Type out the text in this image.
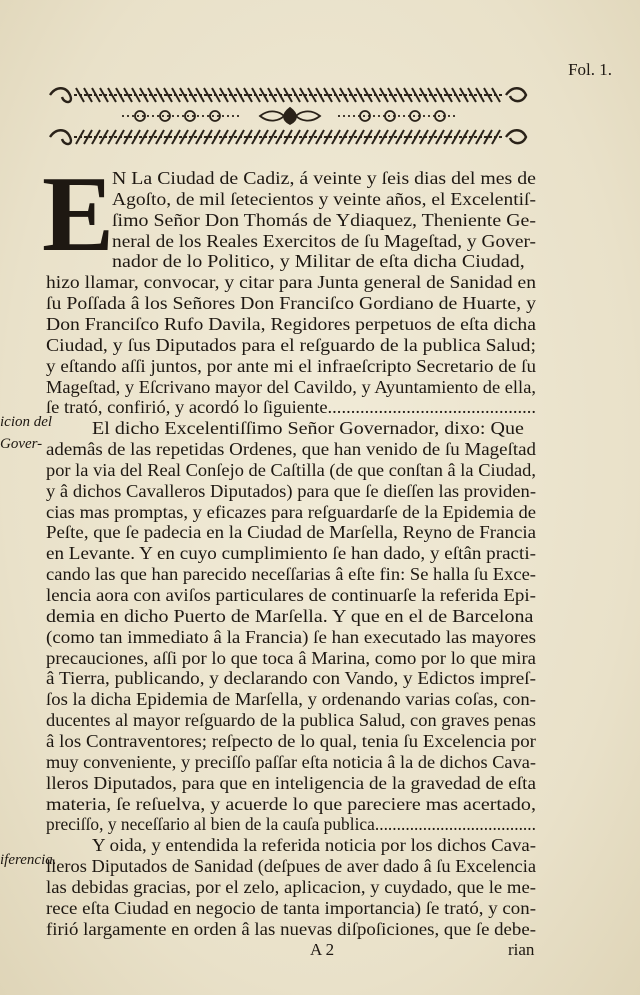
Fol. 1.
E
N La Ciudad de Cadiz, á veinte y ſeis dias del mes de
Agoſto, de mil ſetecientos y veinte años, el Excelentiſ-
ſimo Señor Don Thomás de Ydiaquez, Theniente Ge-
neral de los Reales Exercitos de ſu Mageſtad, y Gover-
nador de lo Politico, y Militar de eſta dicha Ciudad,
hizo llamar, convocar, y citar para Junta general de Sanidad en
ſu Poſſada â los Señores Don Franciſco Gordiano de Huarte, y
Don Franciſco Rufo Davila, Regidores perpetuos de eſta dicha
Ciudad, y ſus Diputados para el reſguardo de la publica Salud;
y eſtando aſſi juntos, por ante mi el infraeſcripto Secretario de ſu
Mageſtad, y Eſcrivano mayor del Cavildo, y Ayuntamiento de ella,
ſe trató, confirió, y acordó lo ſiguiente.............................................
El dicho Excelentiſſimo Señor Governador, dixo: Que
ademâs de las repetidas Ordenes, que han venido de ſu Mageſtad
por la via del Real Conſejo de Caſtilla (de que conſtan â la Ciudad,
y â dichos Cavalleros Diputados) para que ſe dieſſen las providen-
cias mas promptas, y eficazes para reſguardarſe de la Epidemia de
Peſte, que ſe padecia en la Ciudad de Marſella, Reyno de Francia
en Levante. Y en cuyo cumplimiento ſe han dado, y eſtân practi-
cando las que han parecido neceſſarias â eſte fin: Se halla ſu Exce-
lencia aora con aviſos particulares de continuarſe la referida Epi-
demia en dicho Puerto de Marſella. Y que en el de Barcelona
(como tan immediato â la Francia) ſe han executado las mayores
precauciones, aſſi por lo que toca â Marina, como por lo que mira
â Tierra, publicando, y declarando con Vando, y Edictos impreſ-
ſos la dicha Epidemia de Marſella, y ordenando varias coſas, con-
ducentes al mayor reſguardo de la publica Salud, con graves penas
â los Contraventores; reſpecto de lo qual, tenia ſu Excelencia por
muy conveniente, y preciſſo paſſar eſta noticia â la de dichos Cava-
lleros Diputados, para que en inteligencia de la gravedad de eſta
materia, ſe reſuelva, y acuerde lo que pareciere mas acertado,
preciſſo, y neceſſario al bien de la cauſa publica.....................................
Y oida, y entendida la referida noticia por los dichos Cava-
lleros Diputados de Sanidad (deſpues de aver dado â ſu Excelencia
las debidas gracias, por el zelo, aplicacion, y cuydado, que le me-
rece eſta Ciudad en negocio de tanta importancia) ſe trató, y con-
firió largamente en orden â las nuevas diſpoſiciones, que ſe debe-
icion del
Gover-
iferencia.
A 2	rian
